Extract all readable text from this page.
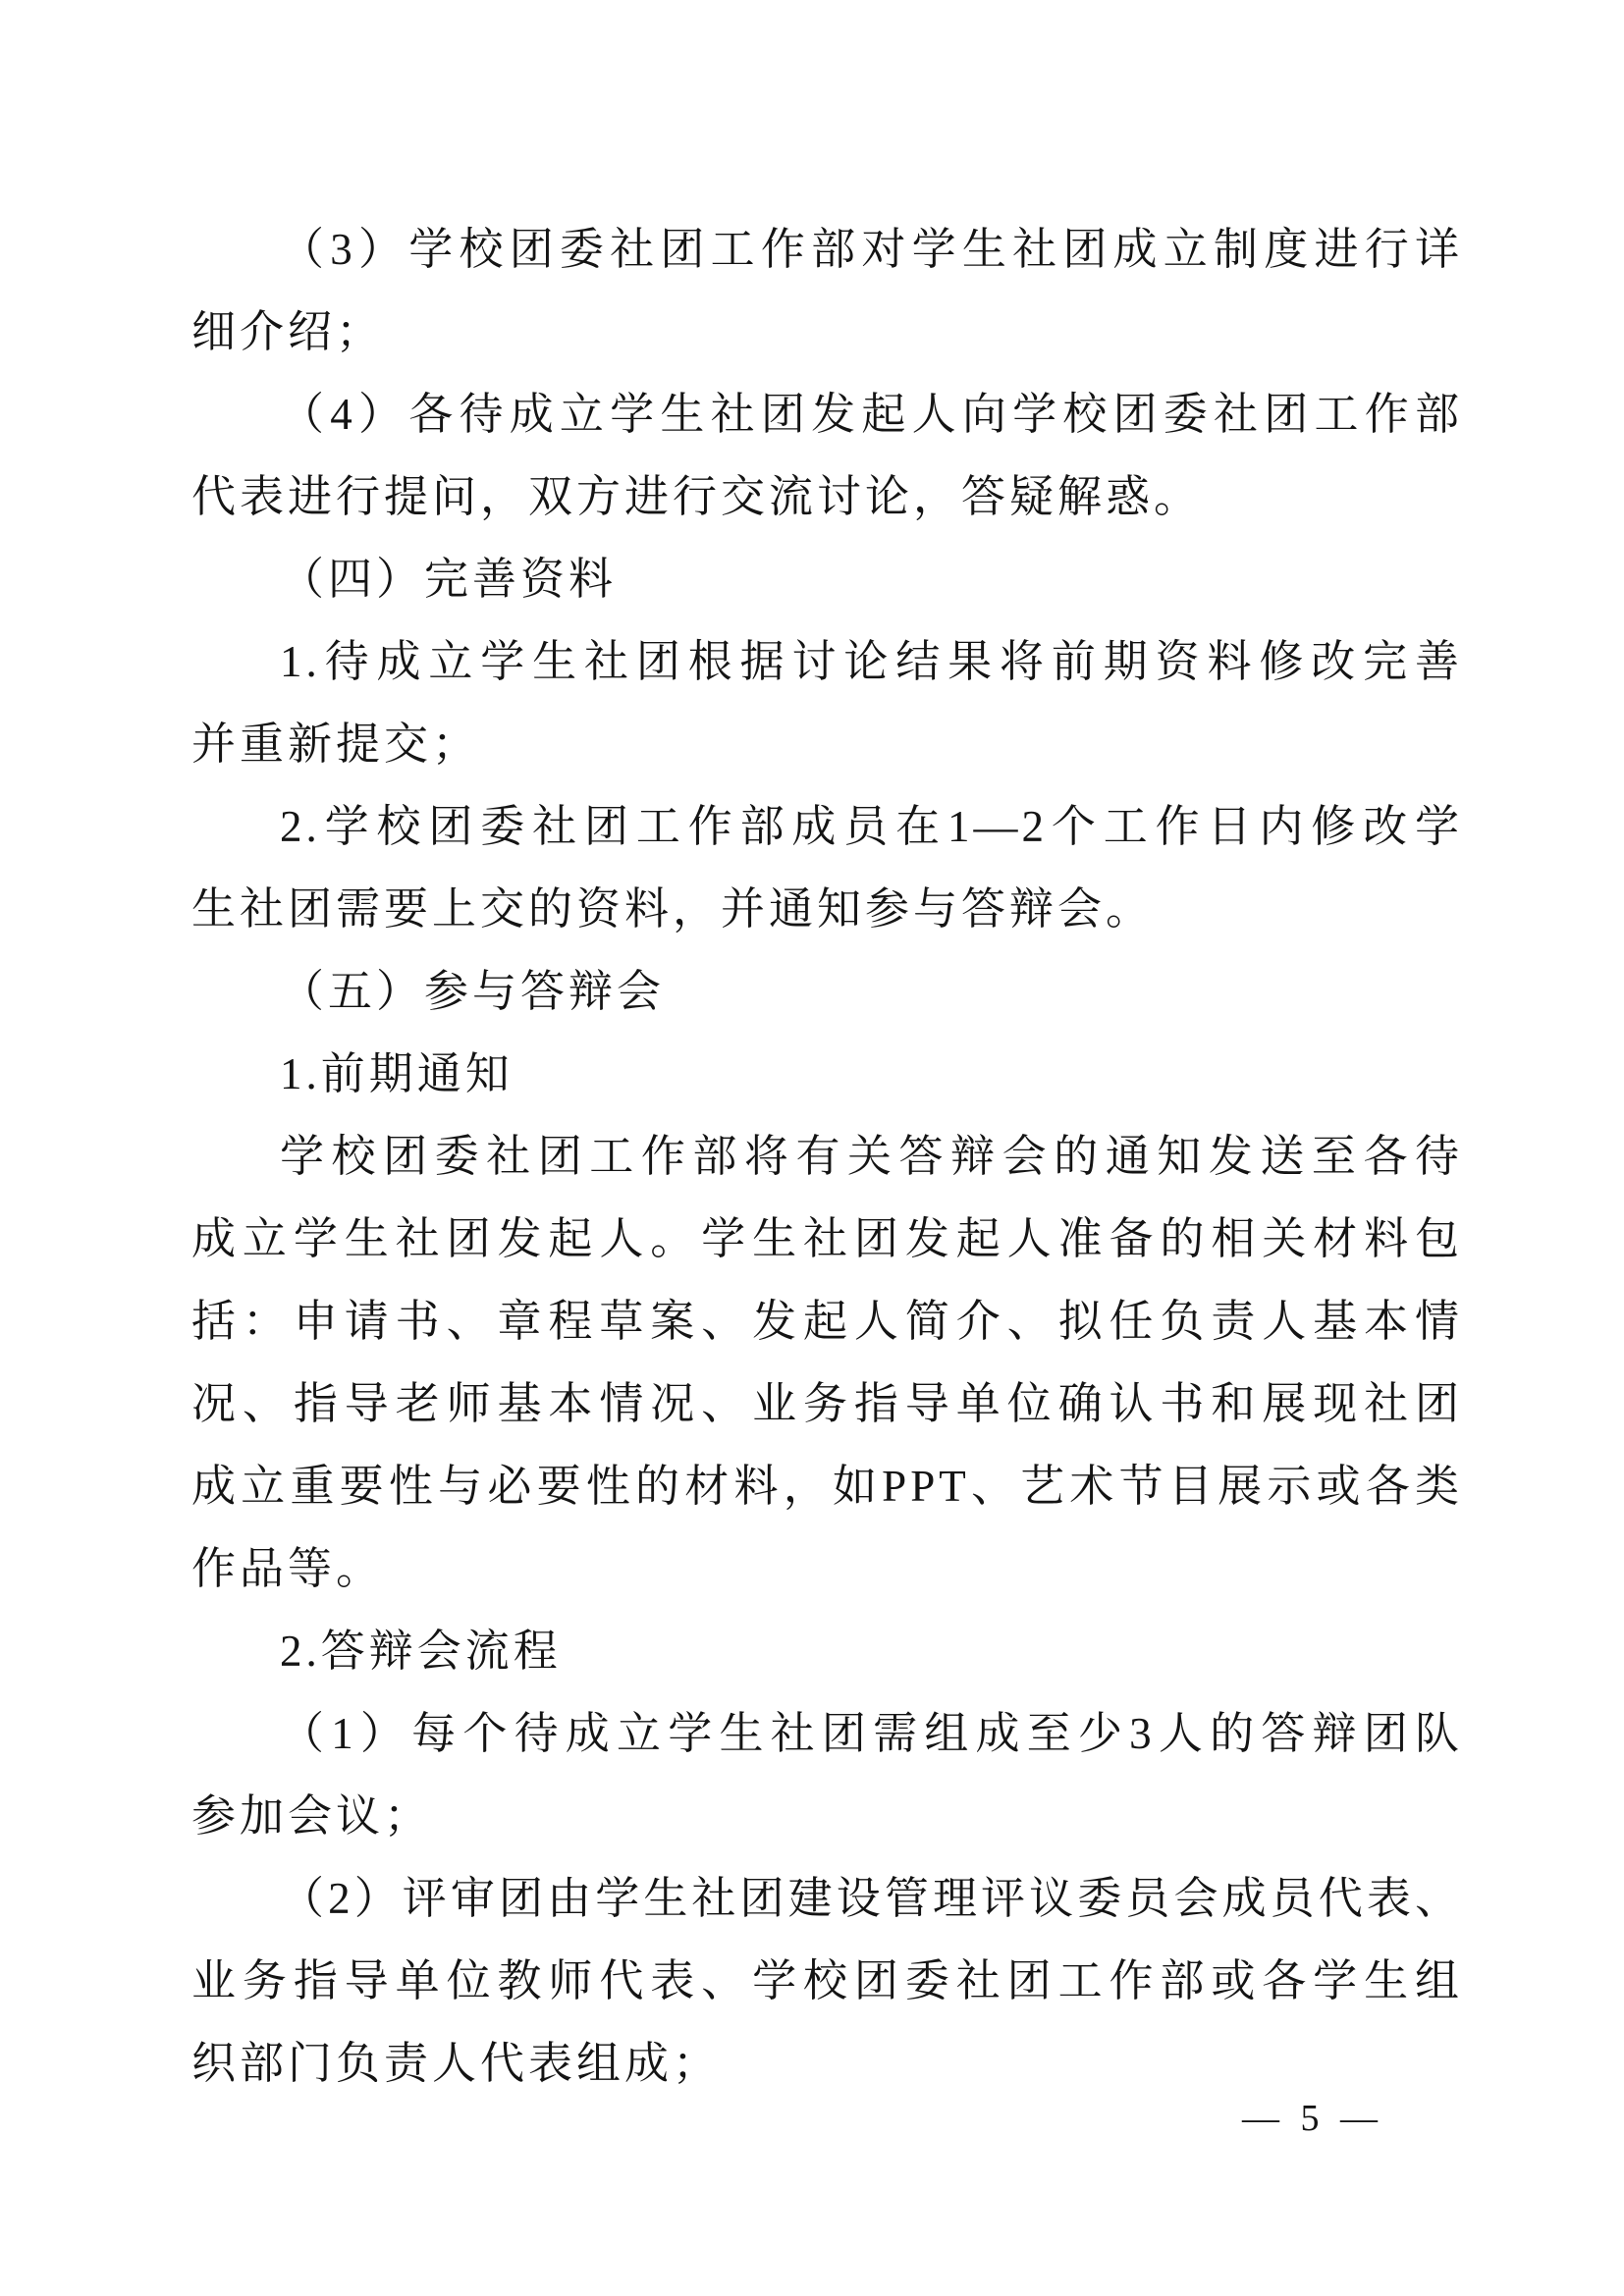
（3）学校团委社团工作部对学生社团成立制度进行详
细介绍；
（4）各待成立学生社团发起人向学校团委社团工作部
代表进行提问，双方进行交流讨论，答疑解惑。
（四）完善资料
1.待成立学生社团根据讨论结果将前期资料修改完善
并重新提交；
2.学校团委社团工作部成员在1—2个工作日内修改学
生社团需要上交的资料，并通知参与答辩会。
（五）参与答辩会
1.前期通知
学校团委社团工作部将有关答辩会的通知发送至各待
成立学生社团发起人。学生社团发起人准备的相关材料包
括：申请书、章程草案、发起人简介、拟任负责人基本情
况、指导老师基本情况、业务指导单位确认书和展现社团
成立重要性与必要性的材料，如PPT、艺术节目展示或各类
作品等。
2.答辩会流程
（1）每个待成立学生社团需组成至少3人的答辩团队
参加会议；
（2）评审团由学生社团建设管理评议委员会成员代表、
业务指导单位教师代表、学校团委社团工作部或各学生组
织部门负责人代表组成；
— 5 —
